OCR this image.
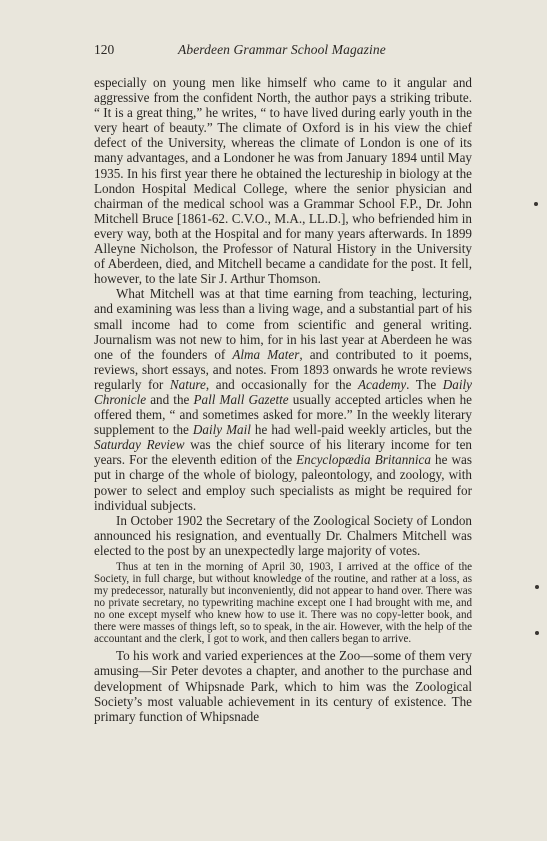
120	Aberdeen Grammar School Magazine

especially on young men like himself who came to it angular and aggressive from the confident North, the author pays a striking tribute. “ It is a great thing,” he writes, “ to have lived during early youth in the very heart of beauty.” The climate of Oxford is in his view the chief defect of the University, whereas the climate of London is one of its many advantages, and a Londoner he was from January 1894 until May 1935. In his first year there he obtained the lectureship in biology at the London Hospital Medical College, where the senior physician and chairman of the medical school was a Grammar School F.P., Dr. John Mitchell Bruce [1861-62. C.V.O., M.A., LL.D.], who befriended him in every way, both at the Hospital and for many years afterwards. In 1899 Alleyne Nicholson, the Professor of Natural History in the University of Aberdeen, died, and Mitchell became a candidate for the post. It fell, however, to the late Sir J. Arthur Thomson.

What Mitchell was at that time earning from teaching, lecturing, and examining was less than a living wage, and a substantial part of his small income had to come from scientific and general writing. Journalism was not new to him, for in his last year at Aberdeen he was one of the founders of Alma Mater, and contributed to it poems, reviews, short essays, and notes. From 1893 onwards he wrote reviews regularly for Nature, and occasionally for the Academy. The Daily Chronicle and the Pall Mall Gazette usually accepted articles when he offered them, “ and sometimes asked for more.” In the weekly literary supplement to the Daily Mail he had well-paid weekly articles, but the Saturday Review was the chief source of his literary income for ten years. For the eleventh edition of the Encyclopædia Britannica he was put in charge of the whole of biology, paleontology, and zoology, with power to select and employ such specialists as might be required for individual subjects.

In October 1902 the Secretary of the Zoological Society of London announced his resignation, and eventually Dr. Chalmers Mitchell was elected to the post by an unexpectedly large majority of votes.

Thus at ten in the morning of April 30, 1903, I arrived at the office of the Society, in full charge, but without knowledge of the routine, and rather at a loss, as my predecessor, naturally but inconveniently, did not appear to hand over. There was no private secretary, no typewriting machine except one I had brought with me, and no one except myself who knew how to use it. There was no copy-letter book, and there were masses of things left, so to speak, in the air. However, with the help of the accountant and the clerk, I got to work, and then callers began to arrive.

To his work and varied experiences at the Zoo—some of them very amusing—Sir Peter devotes a chapter, and another to the purchase and development of Whipsnade Park, which to him was the Zoological Society’s most valuable achievement in its century of existence. The primary function of Whipsnade
